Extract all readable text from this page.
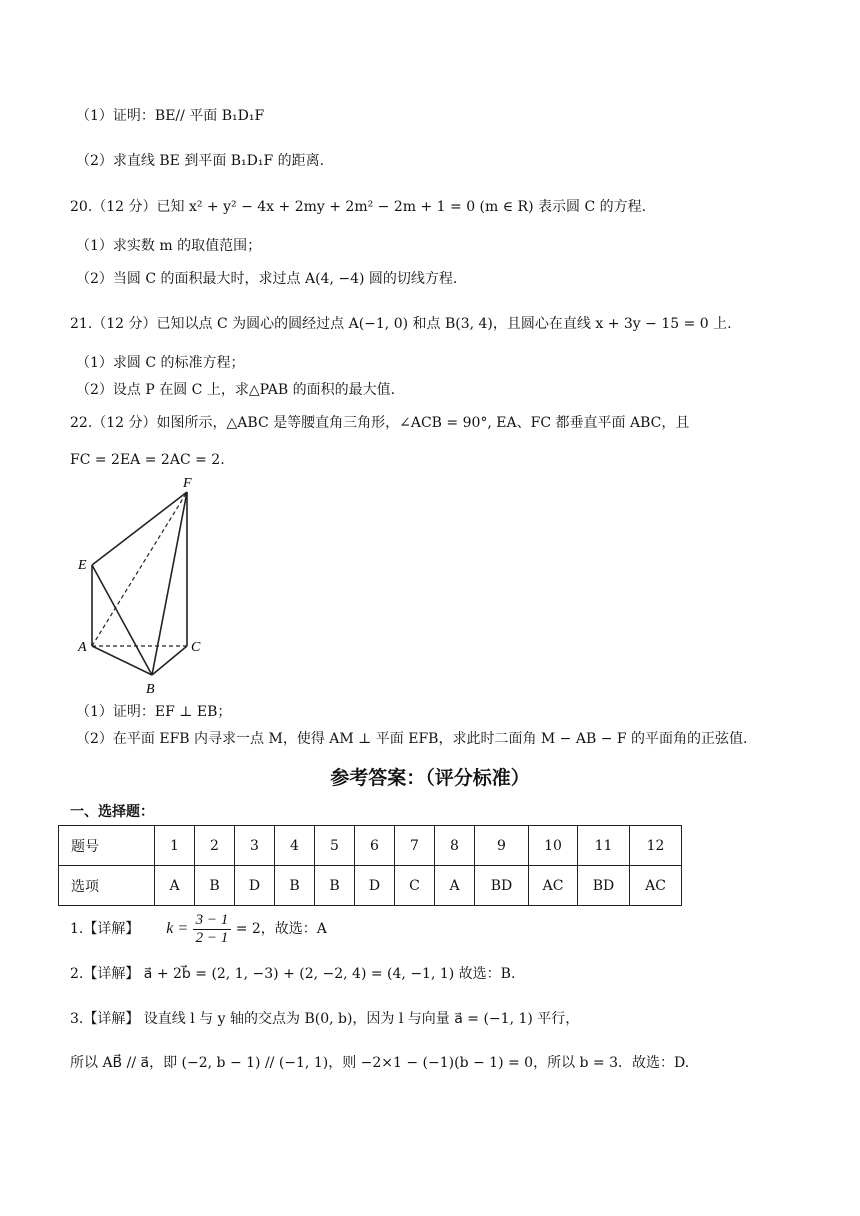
（1）证明：BE// 平面 B₁D₁F
（2）求直线 BE 到平面 B₁D₁F 的距离.
20.（12 分）已知 x² + y² − 4x + 2my + 2m² − 2m + 1 = 0 (m ∈ R) 表示圆 C 的方程.
（1）求实数 m 的取值范围；
（2）当圆 C 的面积最大时，求过点 A(4, −4) 圆的切线方程.
21.（12 分）已知以点 C 为圆心的圆经过点 A(−1, 0) 和点 B(3, 4)，且圆心在直线 x + 3y − 15 = 0 上.
（1）求圆 C 的标准方程；
（2）设点 P 在圆 C 上，求△PAB 的面积的最大值.
22.（12 分）如图所示，△ABC 是等腰直角三角形，∠ACB = 90°, EA、FC 都垂直平面 ABC，且
FC = 2EA = 2AC = 2.
F
E
A	C
B
（1）证明：EF ⊥ EB；
（2）在平面 EFB 内寻求一点 M，使得 AM ⊥ 平面 EFB，求此时二面角 M − AB − F 的平面角的正弦值.
参考答案：（评分标准）
一、选择题：
题号	1	2	3	4	5	6	7	8	9	10	11	12
选项	A	B	D	B	B	D	C	A	BD	AC	BD	AC
1.【详解】 $k = \frac{3 - 1}{2 - 1} = 2$，故选：A
2.【详解】 a⃗ + 2b⃗ = (2, 1, −3) + (2, −2, 4) = (4, −1, 1) 故选：B.
3.【详解】 设直线 l 与 y 轴的交点为 B(0, b)，因为 l 与向量 a⃗ = (−1, 1) 平行，
所以 AB⃗ // a⃗，即 (−2, b − 1) // (−1, 1)，则 −2×1 − (−1)(b − 1) = 0，所以 b = 3．故选：D.
